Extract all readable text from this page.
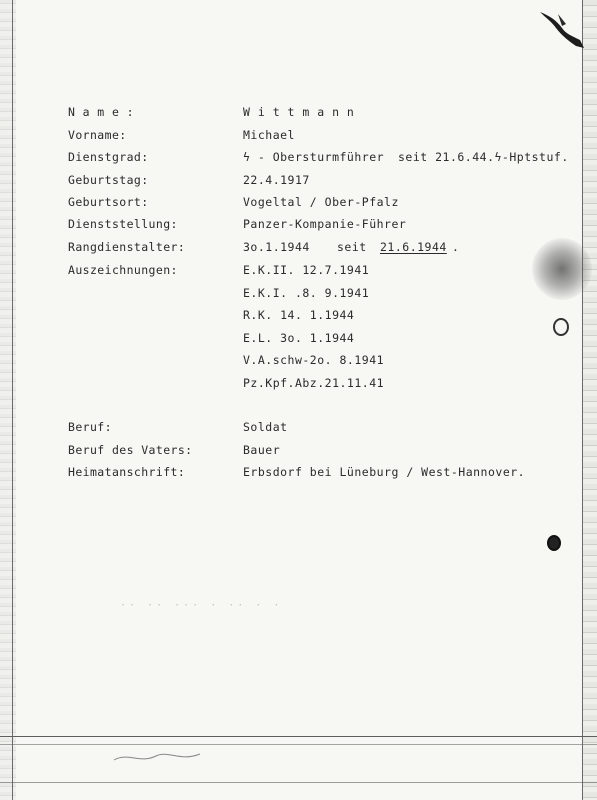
·· ·· ··· · ·· · ·
N a m e :	W i t t m a n n
Vorname:	Michael
Dienstgrad:	ϟ - Obersturmführer seit 21.6.44.ϟ-Hptstuf.
Geburtstag:	22.4.1917
Geburtsort:	Vogeltal / Ober-Pfalz
Dienststellung:	Panzer-Kompanie-Führer
Rangdienstalter:	3o.1.1944 seit 21.6.1944 .
Auszeichnungen:	E.K.II. 12.7.1941
E.K.I. .8. 9.1941
R.K. 14. 1.1944
E.L. 3o. 1.1944
V.A.schw-2o. 8.1941
Pz.Kpf.Abz.21.11.41
Beruf:	Soldat
Beruf des Vaters:	Bauer
Heimatanschrift:	Erbsdorf bei Lüneburg / West-Hannover.
